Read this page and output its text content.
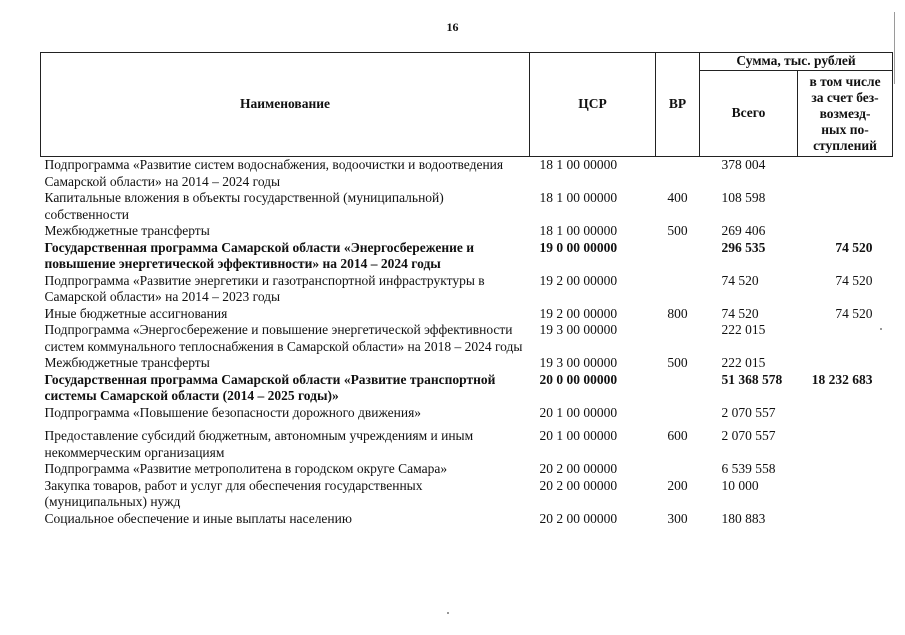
16
Наименование	ЦСР	ВР	Сумма, тыс. рублей	
			Всего	в том числе
за счет без-
возмезд-
ных по-
ступлений

Подпрограмма «Развитие систем водоснабжения, водоочистки и водоотведения Самарской области» на 2014 – 2024 годы	18 1 00 00000		378 004	
Капитальные вложения в объекты государственной (муниципальной) собственности	18 1 00 00000	400	108 598	
Межбюджетные трансферты	18 1 00 00000	500	269 406	
Государственная программа Самарской области «Энергосбережение и повышение энергетической эффективности» на 2014 – 2024 годы	19 0 00 00000		296 535	74 520
Подпрограмма «Развитие энергетики и газотранспортной инфраструктуры в Самарской области» на 2014 – 2023 годы	19 2 00 00000		74 520	74 520
Иные бюджетные ассигнования	19 2 00 00000	800	74 520	74 520
Подпрограмма «Энергосбережение и повышение энергетической эффективности систем коммунального теплоснабжения в Самарской области» на 2018 – 2024 годы	19 3 00 00000		222 015	
Межбюджетные трансферты	19 3 00 00000	500	222 015	
Государственная программа Самарской области «Развитие транспортной системы Самарской области (2014 – 2025 годы)»	20 0 00 00000		51 368 578	18 232 683
Подпрограмма «Повышение безопасности дорожного движения»	20 1 00 00000		2 070 557	
Предоставление субсидий бюджетным, автономным учреждениям и иным некоммерческим организациям	20 1 00 00000	600	2 070 557	
Подпрограмма «Развитие метрополитена в городском округе Самара»	20 2 00 00000		6 539 558	
Закупка товаров, работ и услуг для обеспечения государственных (муниципальных) нужд	20 2 00 00000	200	10 000	
Социальное обеспечение и иные выплаты населению	20 2 00 00000	300	180 883	
